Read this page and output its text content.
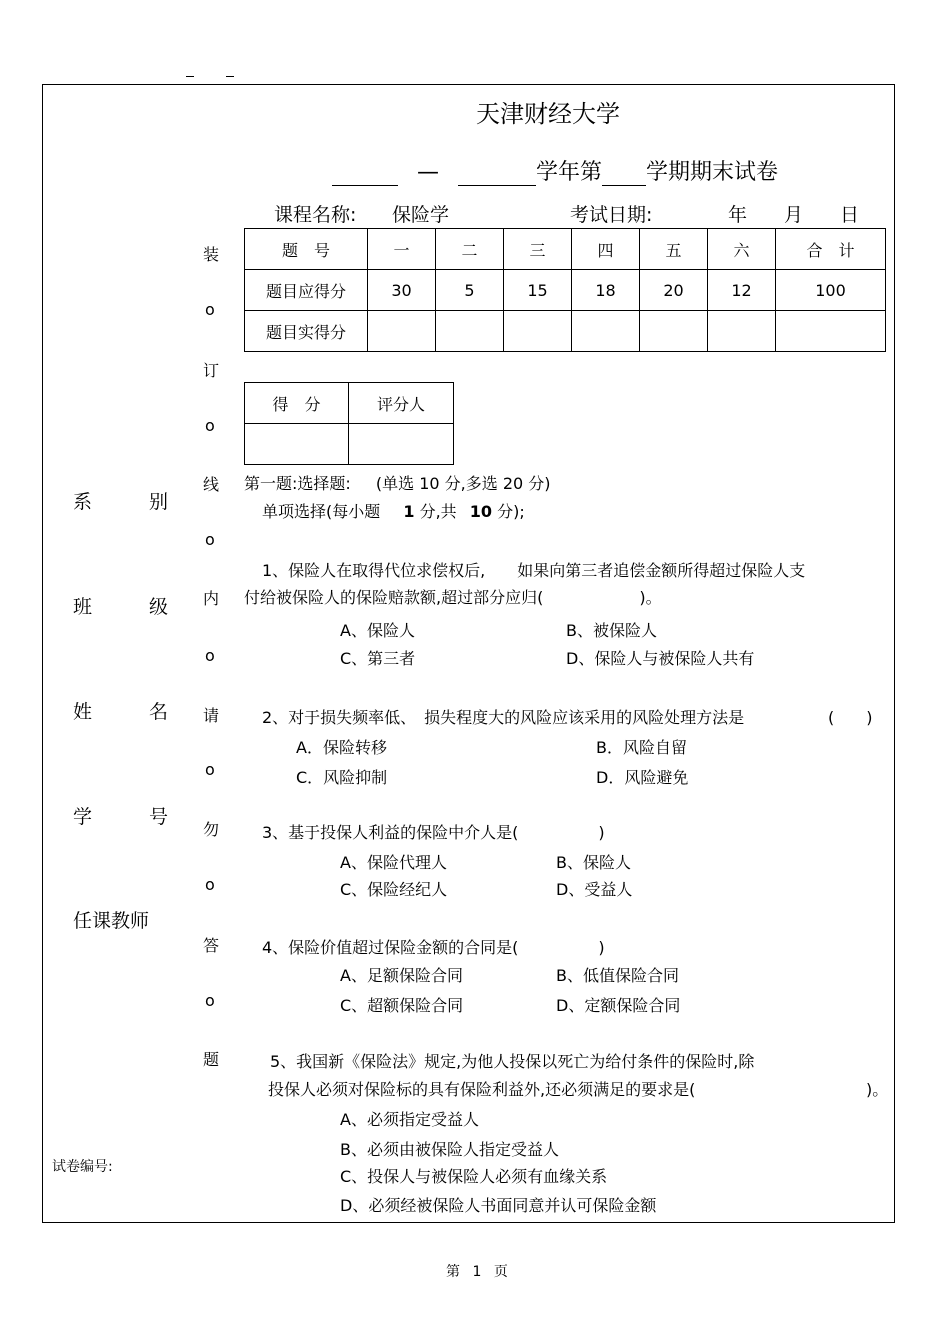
天津财经大学
—	学年第 学期期末试卷
课程名称: 保险学	考试日期:	年 月 日
题　号	一	二	三	四	五	六	合　计
题目应得分	30	5	15	18	20	12	100
题目实得分							
得　分	评分人

装
o
订
o
线
o
内
o
请
o
勿
o
答
o
题
系　　　别
班　　　级
姓　　　名
学　　　号
任课教师
试卷编号:
第一题:选择题: (单选 10 分,多选 20 分)
单项选择(每小题 1 分,共 10 分);
1、保险人在取得代位求偿权后,　　如果向第三者追偿金额所得超过保险人支
付给被保险人的保险赔款额,超过部分应归(　　　　　　)。
A、保险人	B、被保险人
C、第三者	D、保险人与被保险人共有
2、对于损失频率低、　损失程度大的风险应该采用的风险处理方法是	(　　)
A．保险转移	B．风险自留
C．风险抑制	D．风险避免
3、基于投保人利益的保险中介人是(　　　　　)
A、保险代理人	B、保险人
C、保险经纪人	D、受益人
4、保险价值超过保险金额的合同是(　　　　　)
A、足额保险合同	B、低值保险合同
C、超额保险合同	D、定额保险合同
5、我国新《保险法》规定,为他人投保以死亡为给付条件的保险时,除
投保人必须对保险标的具有保险利益外,还必须满足的要求是(	)。
A、必须指定受益人
B、必须由被保险人指定受益人
C、投保人与被保险人必须有血缘关系
D、必须经被保险人书面同意并认可保险金额
第 1 页
